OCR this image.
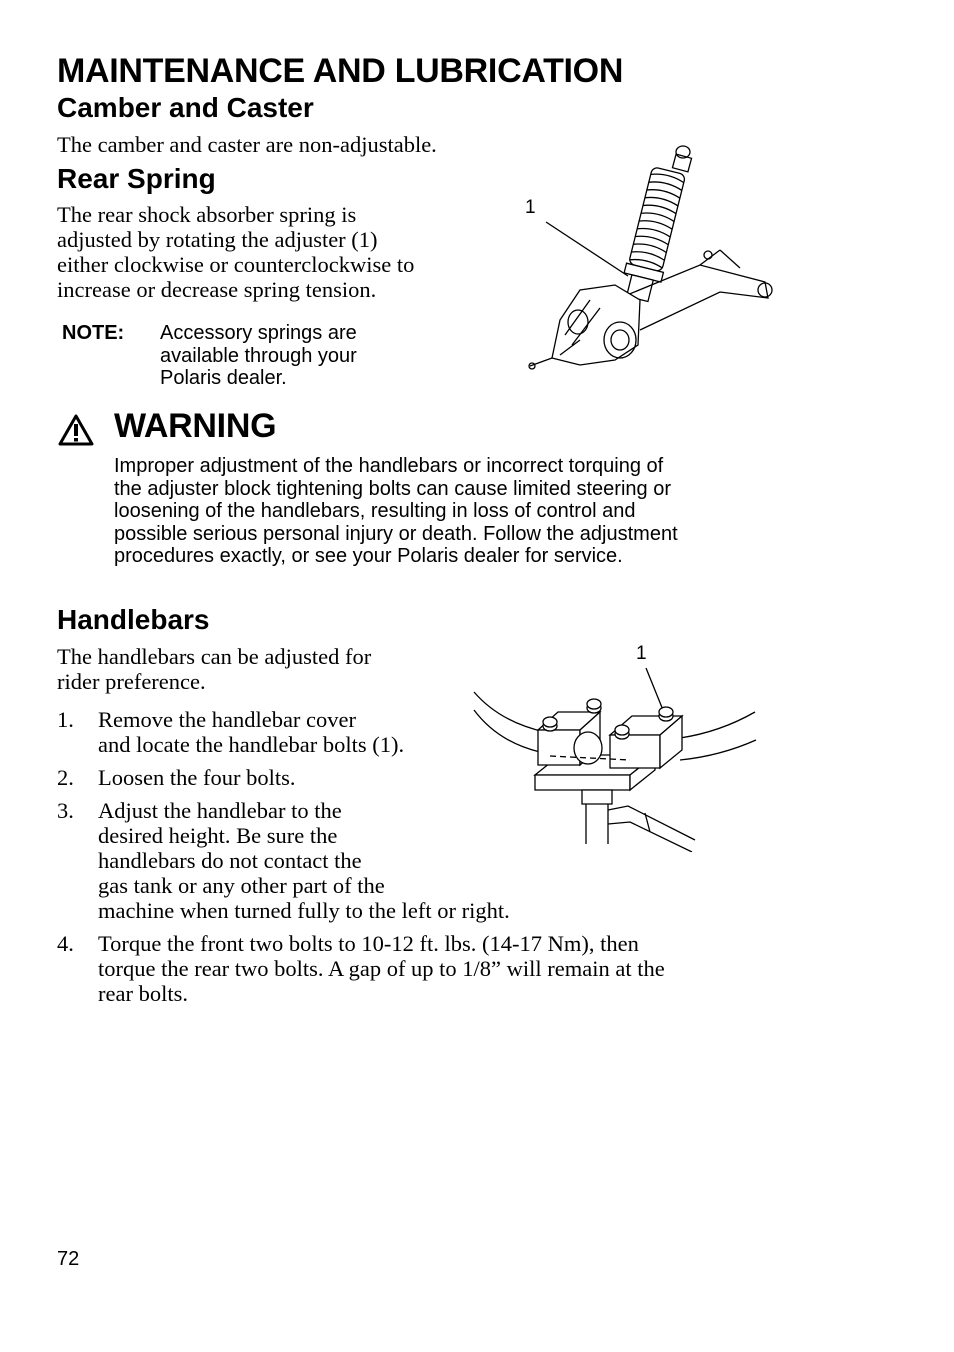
MAINTENANCE AND LUBRICATION
Camber and Caster
The camber and caster are non-adjustable.
Rear Spring
The rear shock absorber spring is
adjusted by rotating the adjuster (1)
either clockwise or counterclockwise to
increase or decrease spring tension.
NOTE: Accessory springs are
available through your
Polaris dealer.
1
WARNING
Improper adjustment of the handlebars or incorrect torquing of
the adjuster block tightening bolts can cause limited steering or
loosening of the handlebars, resulting in loss of control and
possible serious personal injury or death. Follow the adjustment
procedures exactly, or see your Polaris dealer for service.
Handlebars
The handlebars can be adjusted for
rider preference.
1. Remove the handlebar cover
and locate the handlebar bolts (1).
2. Loosen the four bolts.
3. Adjust the handlebar to the
desired height. Be sure the
handlebars do not contact the
gas tank or any other part of the
machine when turned fully to the left or right.
4. Torque the front two bolts to 10-12 ft. lbs. (14-17 Nm), then
torque the rear two bolts. A gap of up to 1/8” will remain at the
rear bolts.
1
72
